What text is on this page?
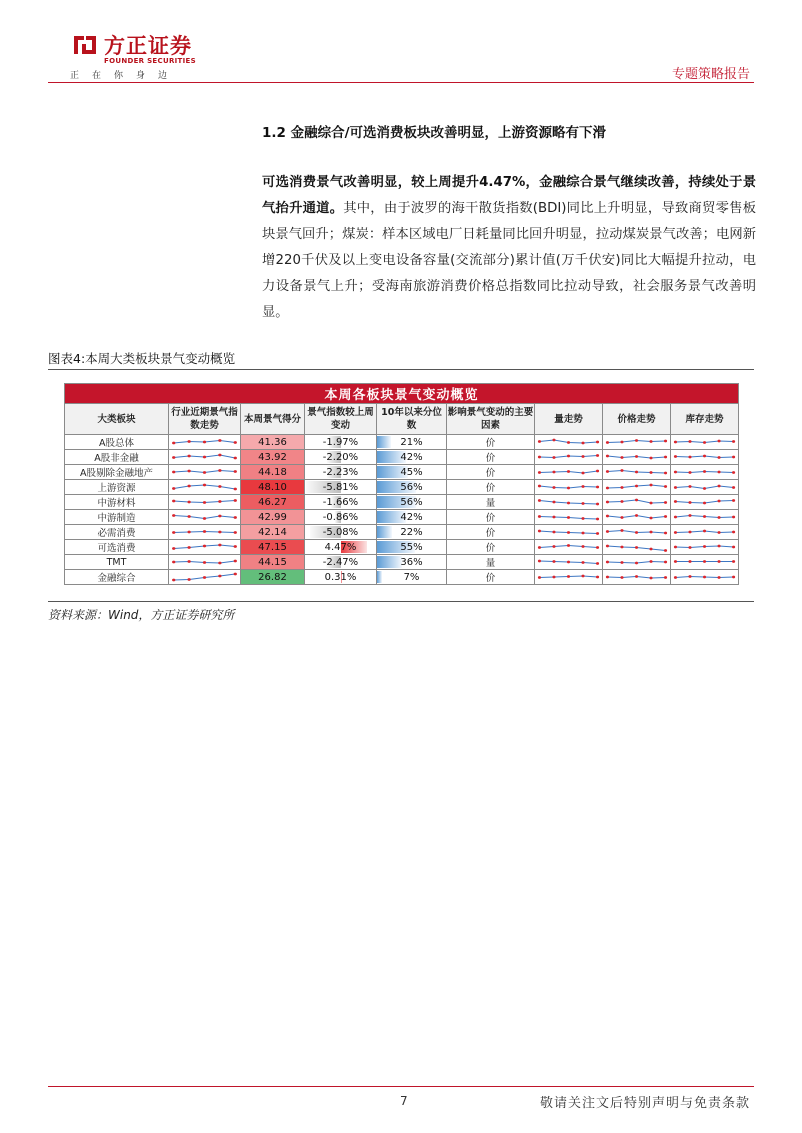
方正证券
FOUNDER SECURITIES
正在你身边	专题策略报告
1.2 金融综合/可选消费板块改善明显，上游资源略有下滑
可选消费景气改善明显，较上周提升4.47%，金融综合景气继续改善，持续处于景气抬升通道。其中，由于波罗的海干散货指数(BDI)同比上升明显，导致商贸零售板块景气回升；煤炭：样本区域电厂日耗量同比回升明显，拉动煤炭景气改善；电网新增220千伏及以上变电设备容量(交流部分)累计值(万千伏安)同比大幅提升拉动，电力设备景气上升；受海南旅游消费价格总指数同比拉动导致，社会服务景气改善明显。
图表4:本周大类板块景气变动概览
本周各板块景气变动概览								
大类板块	行业近期景气指数走势	本周景气得分	景气指数较上周变动	10年以来分位数	影响景气变动的主要因素	量走势	价格走势	库存走势
A股总体		41.36	-1.97%	21%	价	

A股非金融		43.92	-2.20%	42%	价	

A股剔除金融地产		44.18	-2.23%	45%	价	

上游资源		48.10	-5.81%	56%	价	

中游材料		46.27	-1.66%	56%	量	

中游制造		42.99	-0.86%	42%	价	

必需消费		42.14	-5.08%	22%	价	

可选消费		47.15	4.47%	55%	价	

TMT		44.15	-2.47%	36%	量	

金融综合		26.82	0.31%	7%	价	

资料来源：Wind，方正证券研究所
7	敬请关注文后特别声明与免责条款
